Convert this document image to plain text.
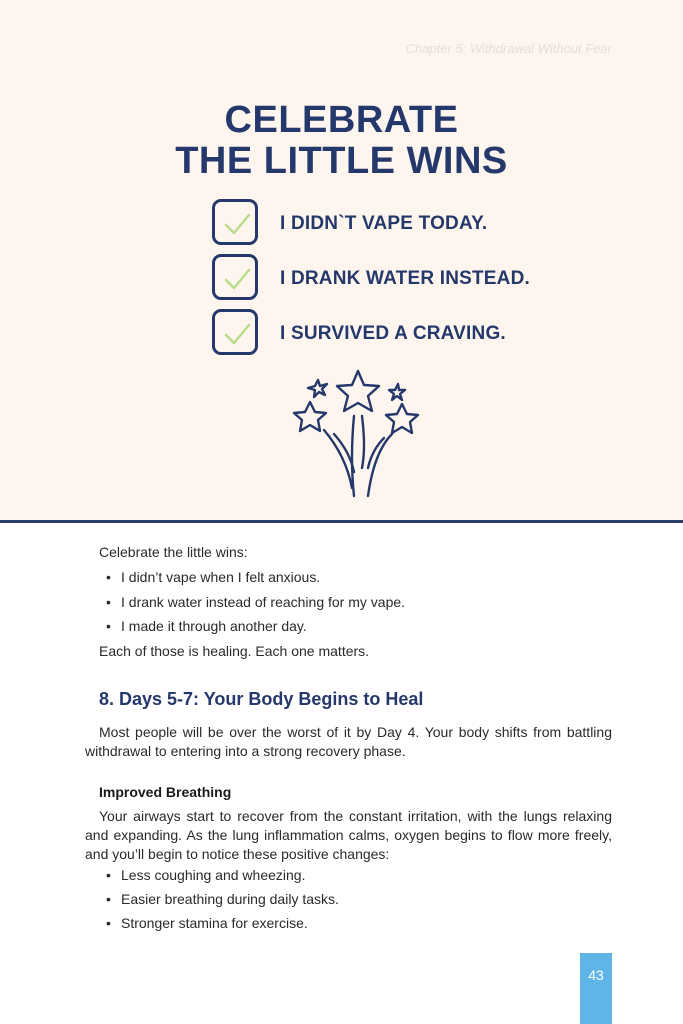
Chapter 5: Withdrawal Without Fear
CELEBRATE
THE LITTLE WINS
I DIDN`T VAPE TODAY.
I DRANK WATER INSTEAD.
I SURVIVED A CRAVING.
Celebrate the little wins:
• I didn’t vape when I felt anxious.
• I drank water instead of reaching for my vape.
• I made it through another day.
Each of those is healing. Each one matters.
8. Days 5-7: Your Body Begins to Heal
Most people will be over the worst of it by Day 4. Your body shifts from battling withdrawal to entering into a strong recovery phase.
Improved Breathing
Your airways start to recover from the constant irritation, with the lungs relaxing and expanding. As the lung inflammation calms, oxygen begins to flow more freely, and you’ll begin to notice these positive changes:
• Less coughing and wheezing.
• Easier breathing during daily tasks.
• Stronger stamina for exercise.
43
